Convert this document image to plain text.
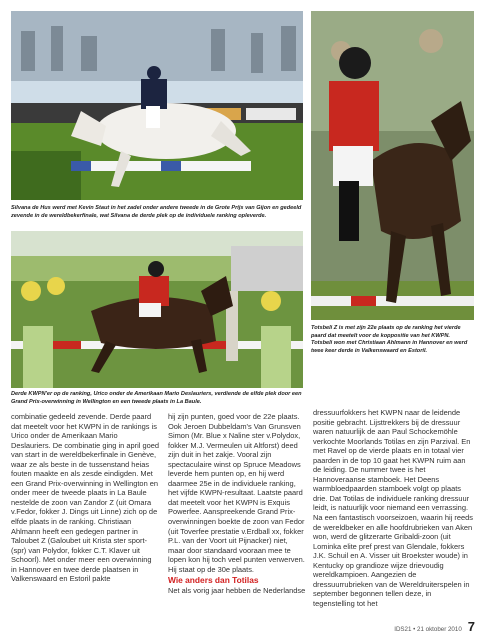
Silvana de Hus werd met Kevin Staut in het zadel onder andere tweede in de Grote Prijs van Gijon en gedeeld zevende in de wereldbekerfinale, wat Silvana de derde plek op de individuele ranking opleverde.
Derde KWPN'er op de ranking, Urico onder de Amerikaan Mario Deslauriers, verdiende de elfde plek door een Grand Prix-overwinning in Wellington en een tweede plaats in La Baule.
Totsbeli Z is met zijn 22e plaats op de ranking het vierde paard dat meetelt voor de koppositie van het KWPN. Totsbeli won met Christiaan Ahlmann in Hannover en werd twee keer derde in Valkenswaard en Estoril.

combinatie gedeeld zevende. Derde paard dat meetelt voor het KWPN in de rankings is Urico onder de Amerikaan Mario Deslauriers. De combinatie ging in april goed van start in de wereldbekerfinale in Genève, waar ze als beste in de tussenstand heias fouten maakte en als zesde eindigden. Met een Grand Prix-overwinning in Wellington en onder meer de tweede plaats in La Baule nestelde de zoon van Zandor Z (uit Omara v.Fedor, fokker J. Dings uit Linne) zich op de elfde plaats in de ranking. Christiaan Ahlmann heeft een gedegen partner in Taloubet Z (Galoubet uit Krista ster sport-(spr) van Polydor, fokker C.T. Klaver uit Schoorl). Met onder meer een overwinning in Hannover en twee derde plaatsen in Valkenswaard en Estoril pakte

hij zijn punten, goed voor de 22e plaats. Ook Jeroen Dubbeldam's Van Grunsven Simon (Mr. Blue x Naline ster v.Polydox, fokker M.J. Vermeulen uit Altforst) deed zijn duit in het zakje. Vooral zijn spectaculaire winst op Spruce Meadows leverde hem punten op, en hij werd daarmee 25e in de individuele ranking, het vijfde KWPN-resultaat. Laatste paard dat meetelt voor het KWPN is Exquis Powerfee. Aanspreekende Grand Prix-overwinningen boekte de zoon van Fedor (uit Toverfee prestatie v.Erdball xx, fokker P.L. van der Voort uit Pijnacker) niet, maar door standaard vooraan mee te lopen kon hij toch veel punten verwerven. Hij staat op de 30e plaats.

Wie anders dan Totilas

Net als vorig jaar hebben de Nederlandse

dressuurfokkers het KWPN naar de leidende positie gebracht. Lijsttrekkers bij de dressuur waren natuurlijk de aan Paul Schockemöhle verkochte Moorlands Totilas en zijn Parzival. En met Ravel op de vierde plaats en in totaal vier paarden in de top 10 gaat het KWPN ruim aan de leiding. De nummer twee is het Hannoveraanse stamboek. Het Deens warmbloedpaarden stamboek volgt op plaats drie. Dat Totilas de individuele ranking dressuur leidt, is natuurlijk voor niemand een verrassing. Na een fantastisch voorseizoen, waarin hij reeds de wereldbeker en alle hoofdrubrieken van Aken won, werd de glitzerarte Gribaldi-zoon (uit Lominka elite pref prest van Glendale, fokkers J.K. Schuil en A. Visser uit Broekster woude) in Kentucky op grandioze wijze drievoudig wereldkampioen. Aangezien de dressuurrubrieken van de Wereldruiterspelen in september begonnen tellen deze, in tegenstelling tot het

IDS21 • 21 oktober 2010 7
